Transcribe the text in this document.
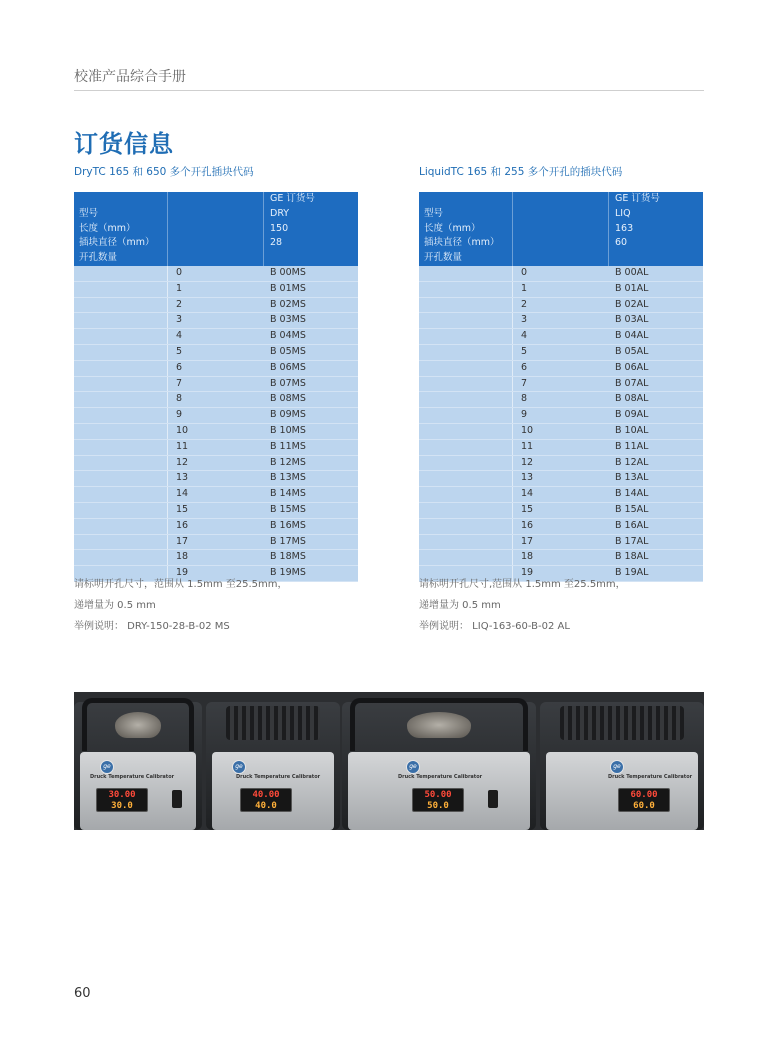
校准产品综合手册
订货信息
DryTC 165 和 650 多个开孔插块代码	LiquidTC 165 和 255 多个开孔的插块代码
GE 订货号
型号	DRY
长度（mm）	150
插块直径（mm）	28
开孔数量
0	B 00MS
1	B 01MS
2	B 02MS
3	B 03MS
4	B 04MS
5	B 05MS
6	B 06MS
7	B 07MS
8	B 08MS
9	B 09MS
10	B 10MS
11	B 11MS
12	B 12MS
13	B 13MS
14	B 14MS
15	B 15MS
16	B 16MS
17	B 17MS
18	B 18MS
19	B 19MS
GE 订货号
型号	LIQ
长度（mm）	163
插块直径（mm）	60
开孔数量
0	B 00AL
1	B 01AL
2	B 02AL
3	B 03AL
4	B 04AL
5	B 05AL
6	B 06AL
7	B 07AL
8	B 08AL
9	B 09AL
10	B 10AL
11	B 11AL
12	B 12AL
13	B 13AL
14	B 14AL
15	B 15AL
16	B 16AL
17	B 17AL
18	B 18AL
19	B 19AL
请标明开孔尺寸，范围从 1.5mm 至25.5mm，
递增量为 0.5 mm
举例说明： DRY-150-28-B-02 MS
请标明开孔尺寸,范围从 1.5mm 至25.5mm，
递增量为 0.5 mm
举例说明： LIQ-163-60-B-02 AL
ge
Druck Temperature Calibrator
30.00
30.0
ge
Druck Temperature Calibrator
40.00
40.0
ge
Druck Temperature Calibrator
50.00
50.0
ge
Druck Temperature Calibrator
60.00
60.0
60
